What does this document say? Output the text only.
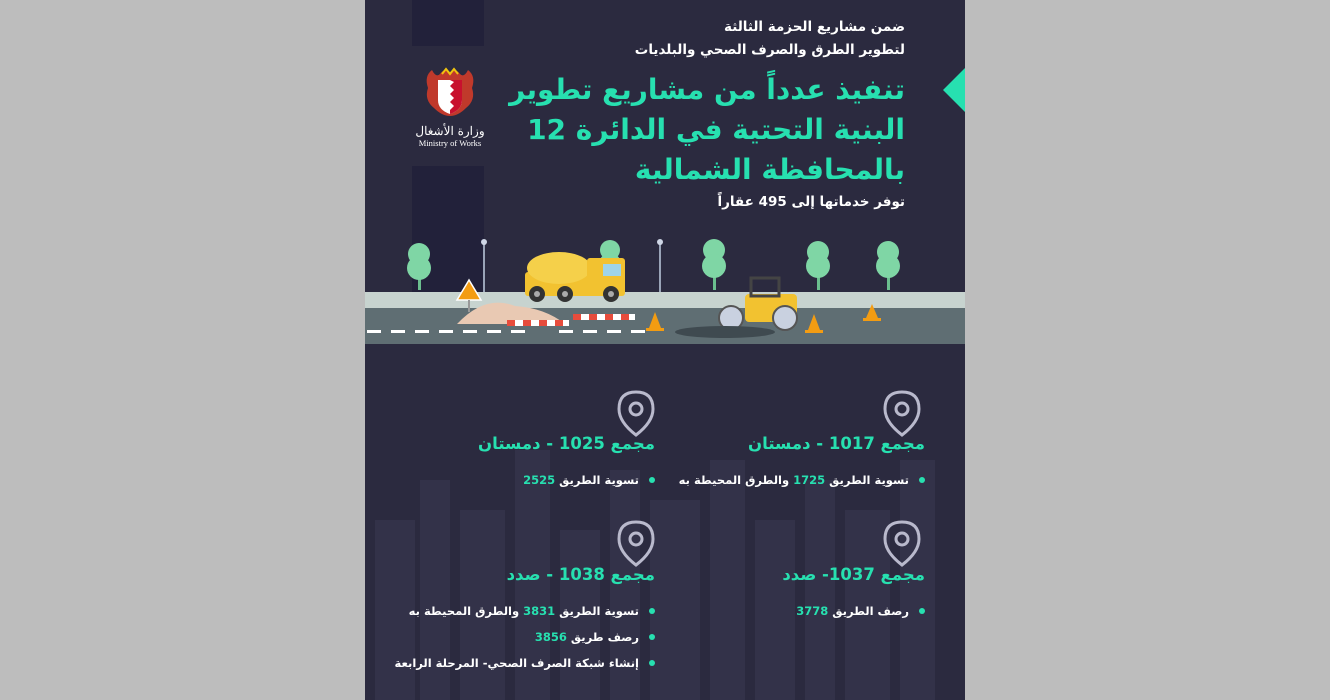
وزارة الأشغال
Ministry of Works
ضمن مشاريع الحزمة الثالثة
لتطوير الطرق والصرف الصحي والبلديات
تنفيذ عدداً من مشاريع تطوير
البنية التحتية في الدائرة 12
بالمحافظة الشمالية
توفر خدماتها إلى 495 عقاراً
مجمع 1017 - دمستان
تسوية الطريق 1725 والطرق المحيطة به
مجمع 1025 - دمستان
تسوية الطريق 2525
مجمع 1037- صدد
رصف الطريق 3778
مجمع 1038 - صدد
تسوية الطريق 3831 والطرق المحيطة به
رصف طريق 3856
إنشاء شبكة الصرف الصحي- المرحلة الرابعة
